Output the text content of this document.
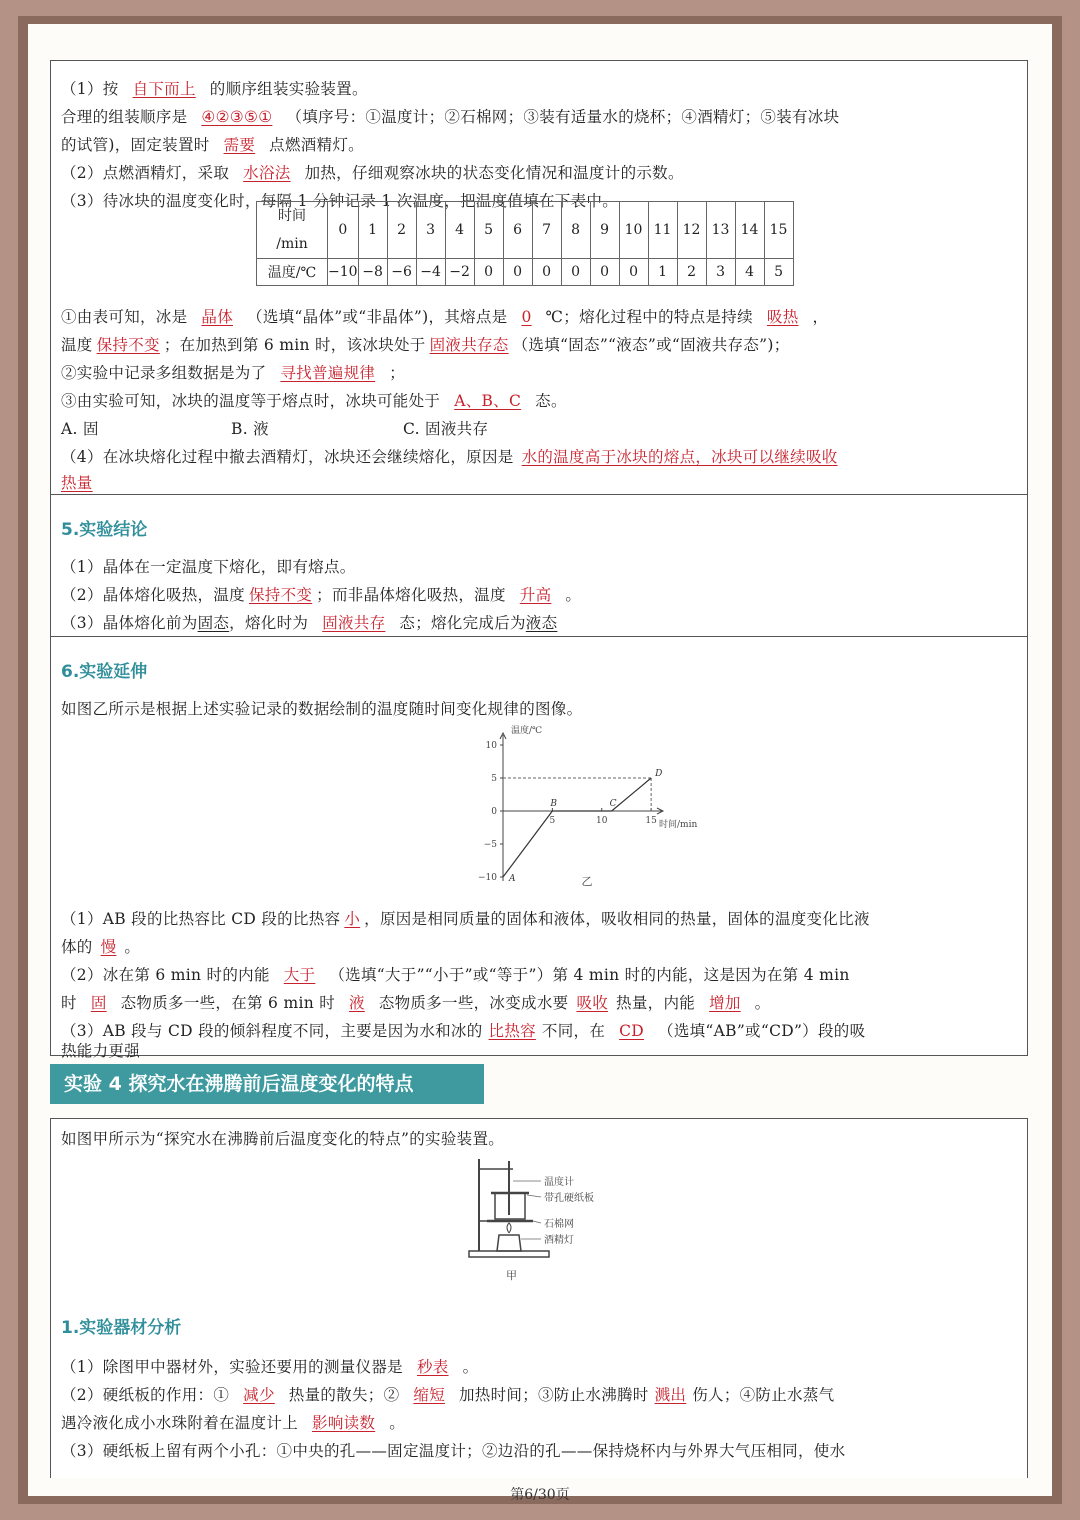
（1）按 自下而上 的顺序组装实验装置。
合理的组装顺序是 ④②③⑤① （填序号：①温度计；②石棉网；③装有适量水的烧杯；④酒精灯；⑤装有冰块
的试管)，固定装置时 需要 点燃酒精灯。
（2）点燃酒精灯，采取 水浴法 加热，仔细观察冰块的状态变化情况和温度计的示数。
（3）待冰块的温度变化时，每隔 1 分钟记录 1 次温度，把温度值填在下表中。
时间
/min	0	1	2	3	4	5	6	7	8	9	10	11	12	13	14	15
温度/℃	−10	−8	−6	−4	−2	0	0	0	0	0	0	1	2	3	4	5
①由表可知，冰是 晶体 （选填“晶体”或“非晶体”)，其熔点是 0 ℃；熔化过程中的特点是持续 吸热 ，
温度 保持不变 ；在加热到第 6 min 时，该冰块处于 固液共存态 （选填“固态”“液态”或“固液共存态”)；
②实验中记录多组数据是为了 寻找普遍规律 ；
③由实验可知，冰块的温度等于熔点时，冰块可能处于 A、B、C 态。
A. 固	B. 液	C. 固液共存
（4）在冰块熔化过程中撤去酒精灯，冰块还会继续熔化，原因是 水的温度高于冰块的熔点，冰块可以继续吸收
热量
5.实验结论
（1）晶体在一定温度下熔化，即有熔点。
（2）晶体熔化吸热，温度 保持不变 ；而非晶体熔化吸热，温度 升高 。
（3）晶体熔化前为固态，熔化时为 固液共存 态；熔化完成后为液态
6.实验延伸
如图乙所示是根据上述实验记录的数据绘制的温度随时间变化规律的图像。
温度/℃
时间/min
10
5
0
−5
−10
5	10	15
A
B	C
D
乙
（1）AB 段的比热容比 CD 段的比热容 小 ，原因是相同质量的固体和液体，吸收相同的热量，固体的温度变化比液
体的 慢 。
（2）冰在第 6 min 时的内能 大于 （选填“大于”“小于”或“等于”）第 4 min 时的内能，这是因为在第 4 min
时 固 态物质多一些，在第 6 min 时 液 态物质多一些，冰变成水要 吸收 热量，内能 增加 。
（3）AB 段与 CD 段的倾斜程度不同，主要是因为水和冰的 比热容 不同，在 CD （选填“AB”或“CD”）段的吸
热能力更强
实验 4 探究水在沸腾前后温度变化的特点
如图甲所示为“探究水在沸腾前后温度变化的特点”的实验装置。
温度计
带孔硬纸板
石棉网
酒精灯
甲
1.实验器材分析
（1）除图甲中器材外，实验还要用的测量仪器是 秒表 。
（2）硬纸板的作用：① 减少 热量的散失；② 缩短 加热时间；③防止水沸腾时 溅出 伤人；④防止水蒸气
遇冷液化成小水珠附着在温度计上 影响读数 。
（3）硬纸板上留有两个小孔：①中央的孔——固定温度计；②边沿的孔——保持烧杯内与外界大气压相同，使水
第6/30页
